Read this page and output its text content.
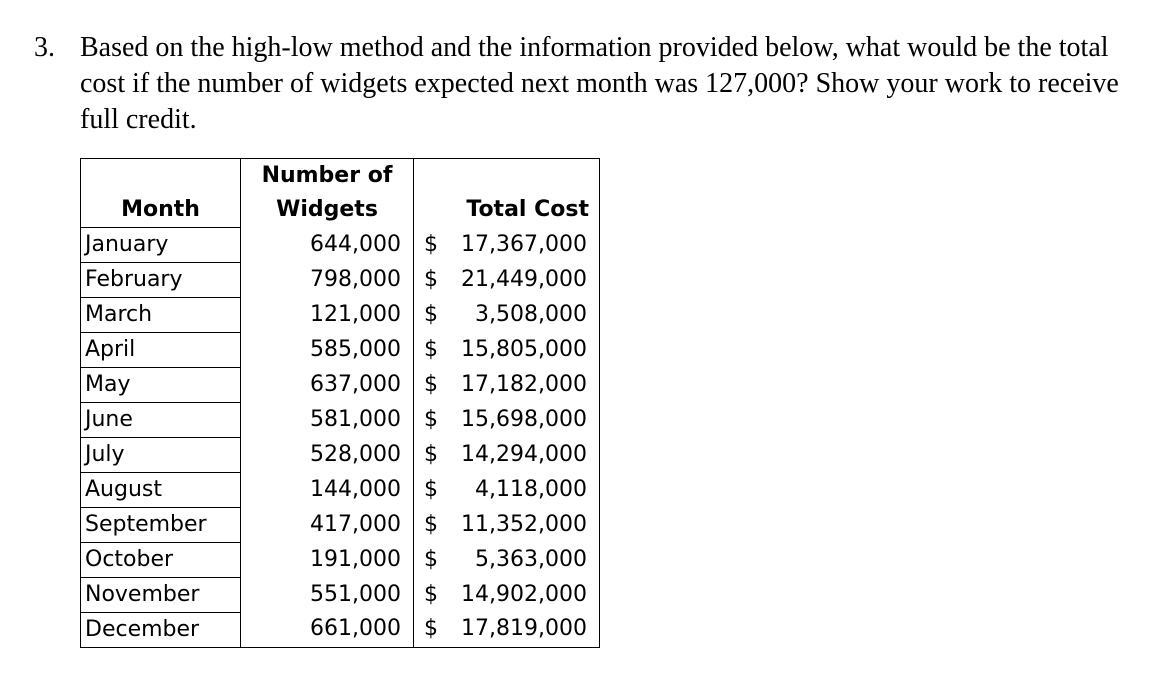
3. Based on the high-low method and the information provided below, what would be the total cost if the number of widgets expected next month was 127,000? Show your work to receive full credit.
Month	Number of	Total Cost	
	Widgets		
January	644,000	$	17,367,000
February	798,000	$	21,449,000
March	121,000	$	3,508,000
April	585,000	$	15,805,000
May	637,000	$	17,182,000
June	581,000	$	15,698,000
July	528,000	$	14,294,000
August	144,000	$	4,118,000
September	417,000	$	11,352,000
October	191,000	$	5,363,000
November	551,000	$	14,902,000
December	661,000	$	17,819,000
